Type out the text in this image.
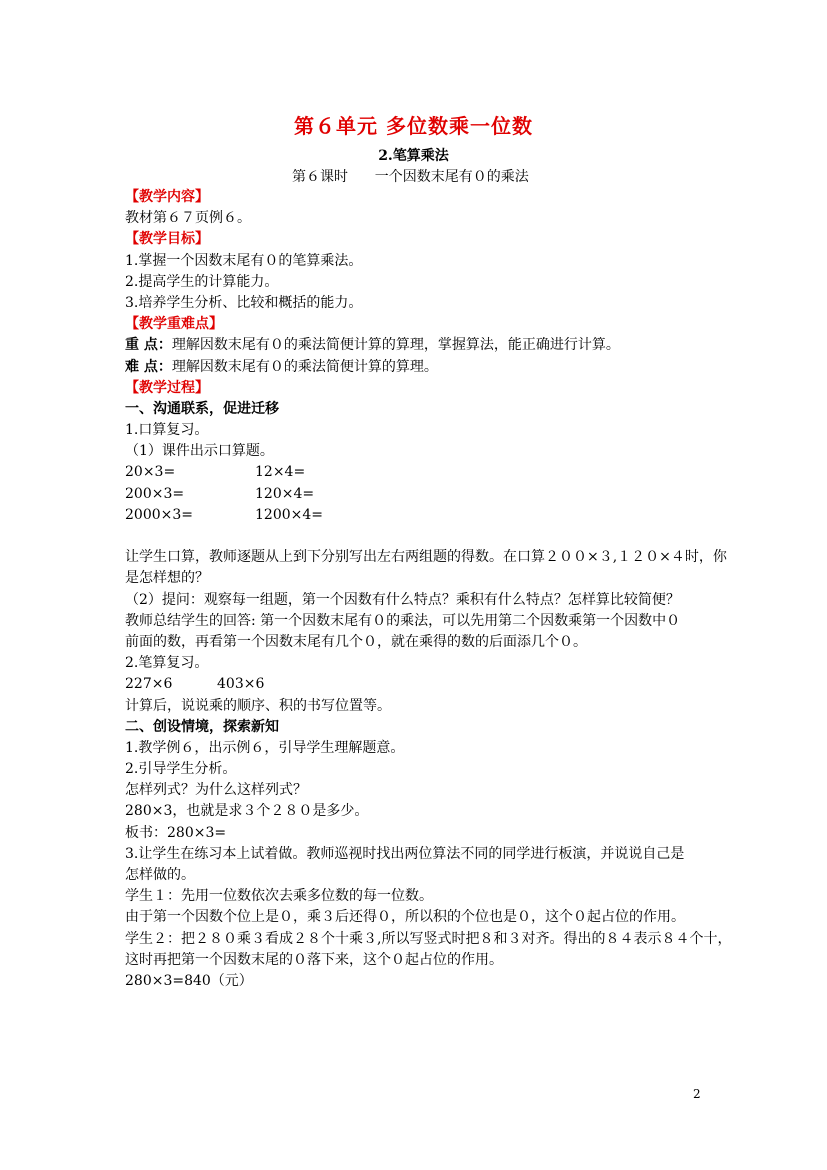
第６单元 多位数乘一位数
2.笔算乘法
第６课时      一个因数末尾有０的乘法
【教学内容】
教材第６７页例６。
【教学目标】
1.掌握一个因数末尾有０的笔算乘法。
2.提高学生的计算能力。
3.培养学生分析、比较和概括的能力。
【教学重难点】
重 点：理解因数末尾有０的乘法简便计算的算理，掌握算法，能正确进行计算。
难 点：理解因数末尾有０的乘法简便计算的算理。
【教学过程】
一、沟通联系，促进迁移
1.口算复习。
（1）课件出示口算题。
20×3=	12×4=
200×3=	120×4=
2000×3=	1200×4=
让学生口算，教师逐题从上到下分别写出左右两组题的得数。在口算２００×３,１２０×４时，你
是怎样想的？
（2）提问：观察每一组题，第一个因数有什么特点？乘积有什么特点？怎样算比较简便？
教师总结学生的回答: 第一个因数末尾有０的乘法，可以先用第二个因数乘第一个因数中０
前面的数，再看第一个因数末尾有几个０，就在乘得的数的后面添几个０。
2.笔算复习。
227×6	403×6
计算后，说说乘的顺序、积的书写位置等。
二、创设情境，探索新知
1.教学例６，出示例６，引导学生理解题意。
2.引导学生分析。
怎样列式？为什么这样列式？
280×3，也就是求３个２８０是多少。
板书：280×3=
3.让学生在练习本上试着做。教师巡视时找出两位算法不同的同学进行板演，并说说自己是
怎样做的。
学生１：先用一位数依次去乘多位数的每一位数。
由于第一个因数个位上是０，乘３后还得０，所以积的个位也是０，这个０起占位的作用。
学生２：把２８０乘３看成２８个十乘３,所以写竖式时把８和３对齐。得出的８４表示８４个十，
这时再把第一个因数末尾的０落下来，这个０起占位的作用。
280×3=840（元）
2
